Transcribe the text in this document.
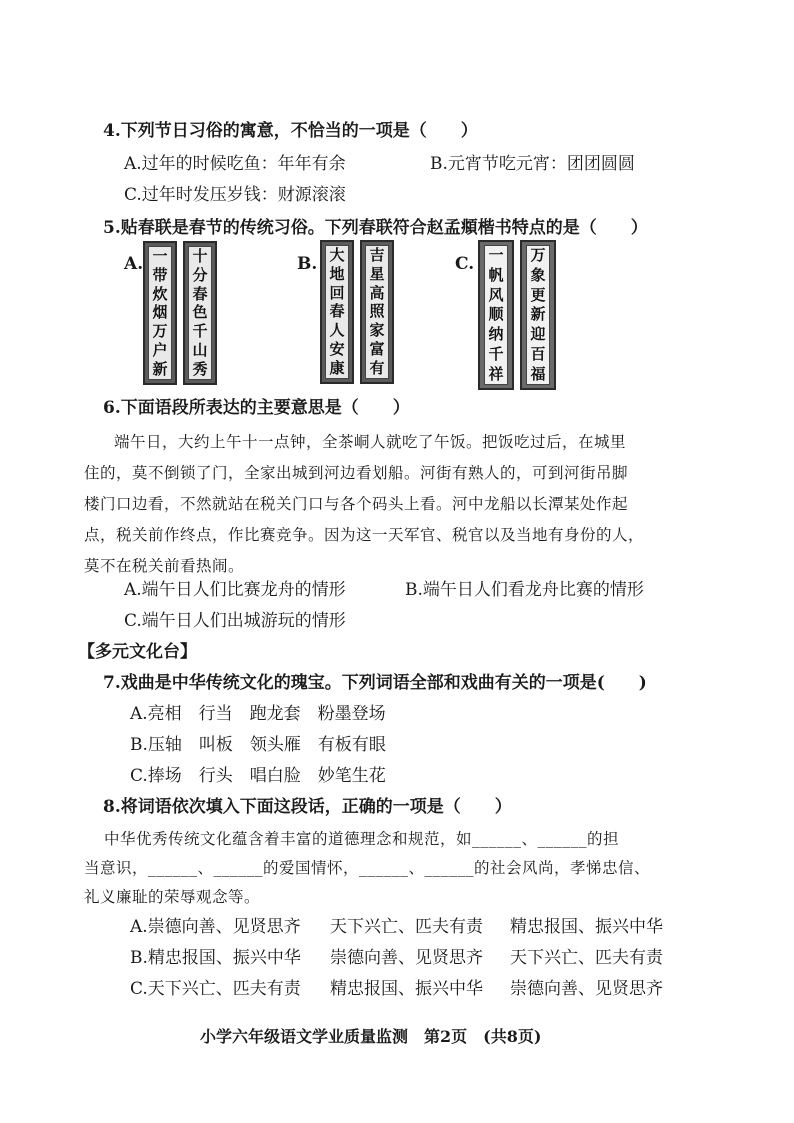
4.下列节日习俗的寓意，不恰当的一项是（　　）
A.过年的时候吃鱼：年年有余	B.元宵节吃元宵：团团圆圆
C.过年时发压岁钱：财源滚滚
5.贴春联是春节的传统习俗。下列春联符合赵孟頫楷书特点的是（　　）
A. 一
带
炊
烟
万
户
新
十
分
春
色
千
山
秀
B. 大
地
回
春
人
安
康
吉
星
高
照
家
富
有
C. 一
帆
风
顺
纳
千
祥
万
象
更
新
迎
百
福
6.下面语段所表达的主要意思是（　　）
端午日，大约上午十一点钟，全茶峒人就吃了午饭。把饭吃过后，在城里
住的，莫不倒锁了门，全家出城到河边看划船。河街有熟人的，可到河街吊脚
楼门口边看，不然就站在税关门口与各个码头上看。河中龙船以长潭某处作起
点，税关前作终点，作比赛竞争。因为这一天军官、税官以及当地有身份的人，
莫不在税关前看热闹。
A.端午日人们比赛龙舟的情形	B.端午日人们看龙舟比赛的情形
C.端午日人们出城游玩的情形
【多元文化台】
7.戏曲是中华传统文化的瑰宝。下列词语全部和戏曲有关的一项是(　　)
A.亮相　行当　跑龙套　粉墨登场
B.压轴　叫板　领头雁　有板有眼
C.捧场　行头　唱白脸　妙笔生花
8.将词语依次填入下面这段话，正确的一项是（　　）
中华优秀传统文化蕴含着丰富的道德理念和规范，如______、______的担
当意识，______、______的爱国情怀，______、______的社会风尚，孝悌忠信、
礼义廉耻的荣辱观念等。
A.崇德向善、见贤思齐 天下兴亡、匹夫有责 精忠报国、振兴中华
B.精忠报国、振兴中华 崇德向善、见贤思齐 天下兴亡、匹夫有责
C.天下兴亡、匹夫有责 精忠报国、振兴中华 崇德向善、见贤思齐
小学六年级语文学业质量监测　第2页　(共8页)
